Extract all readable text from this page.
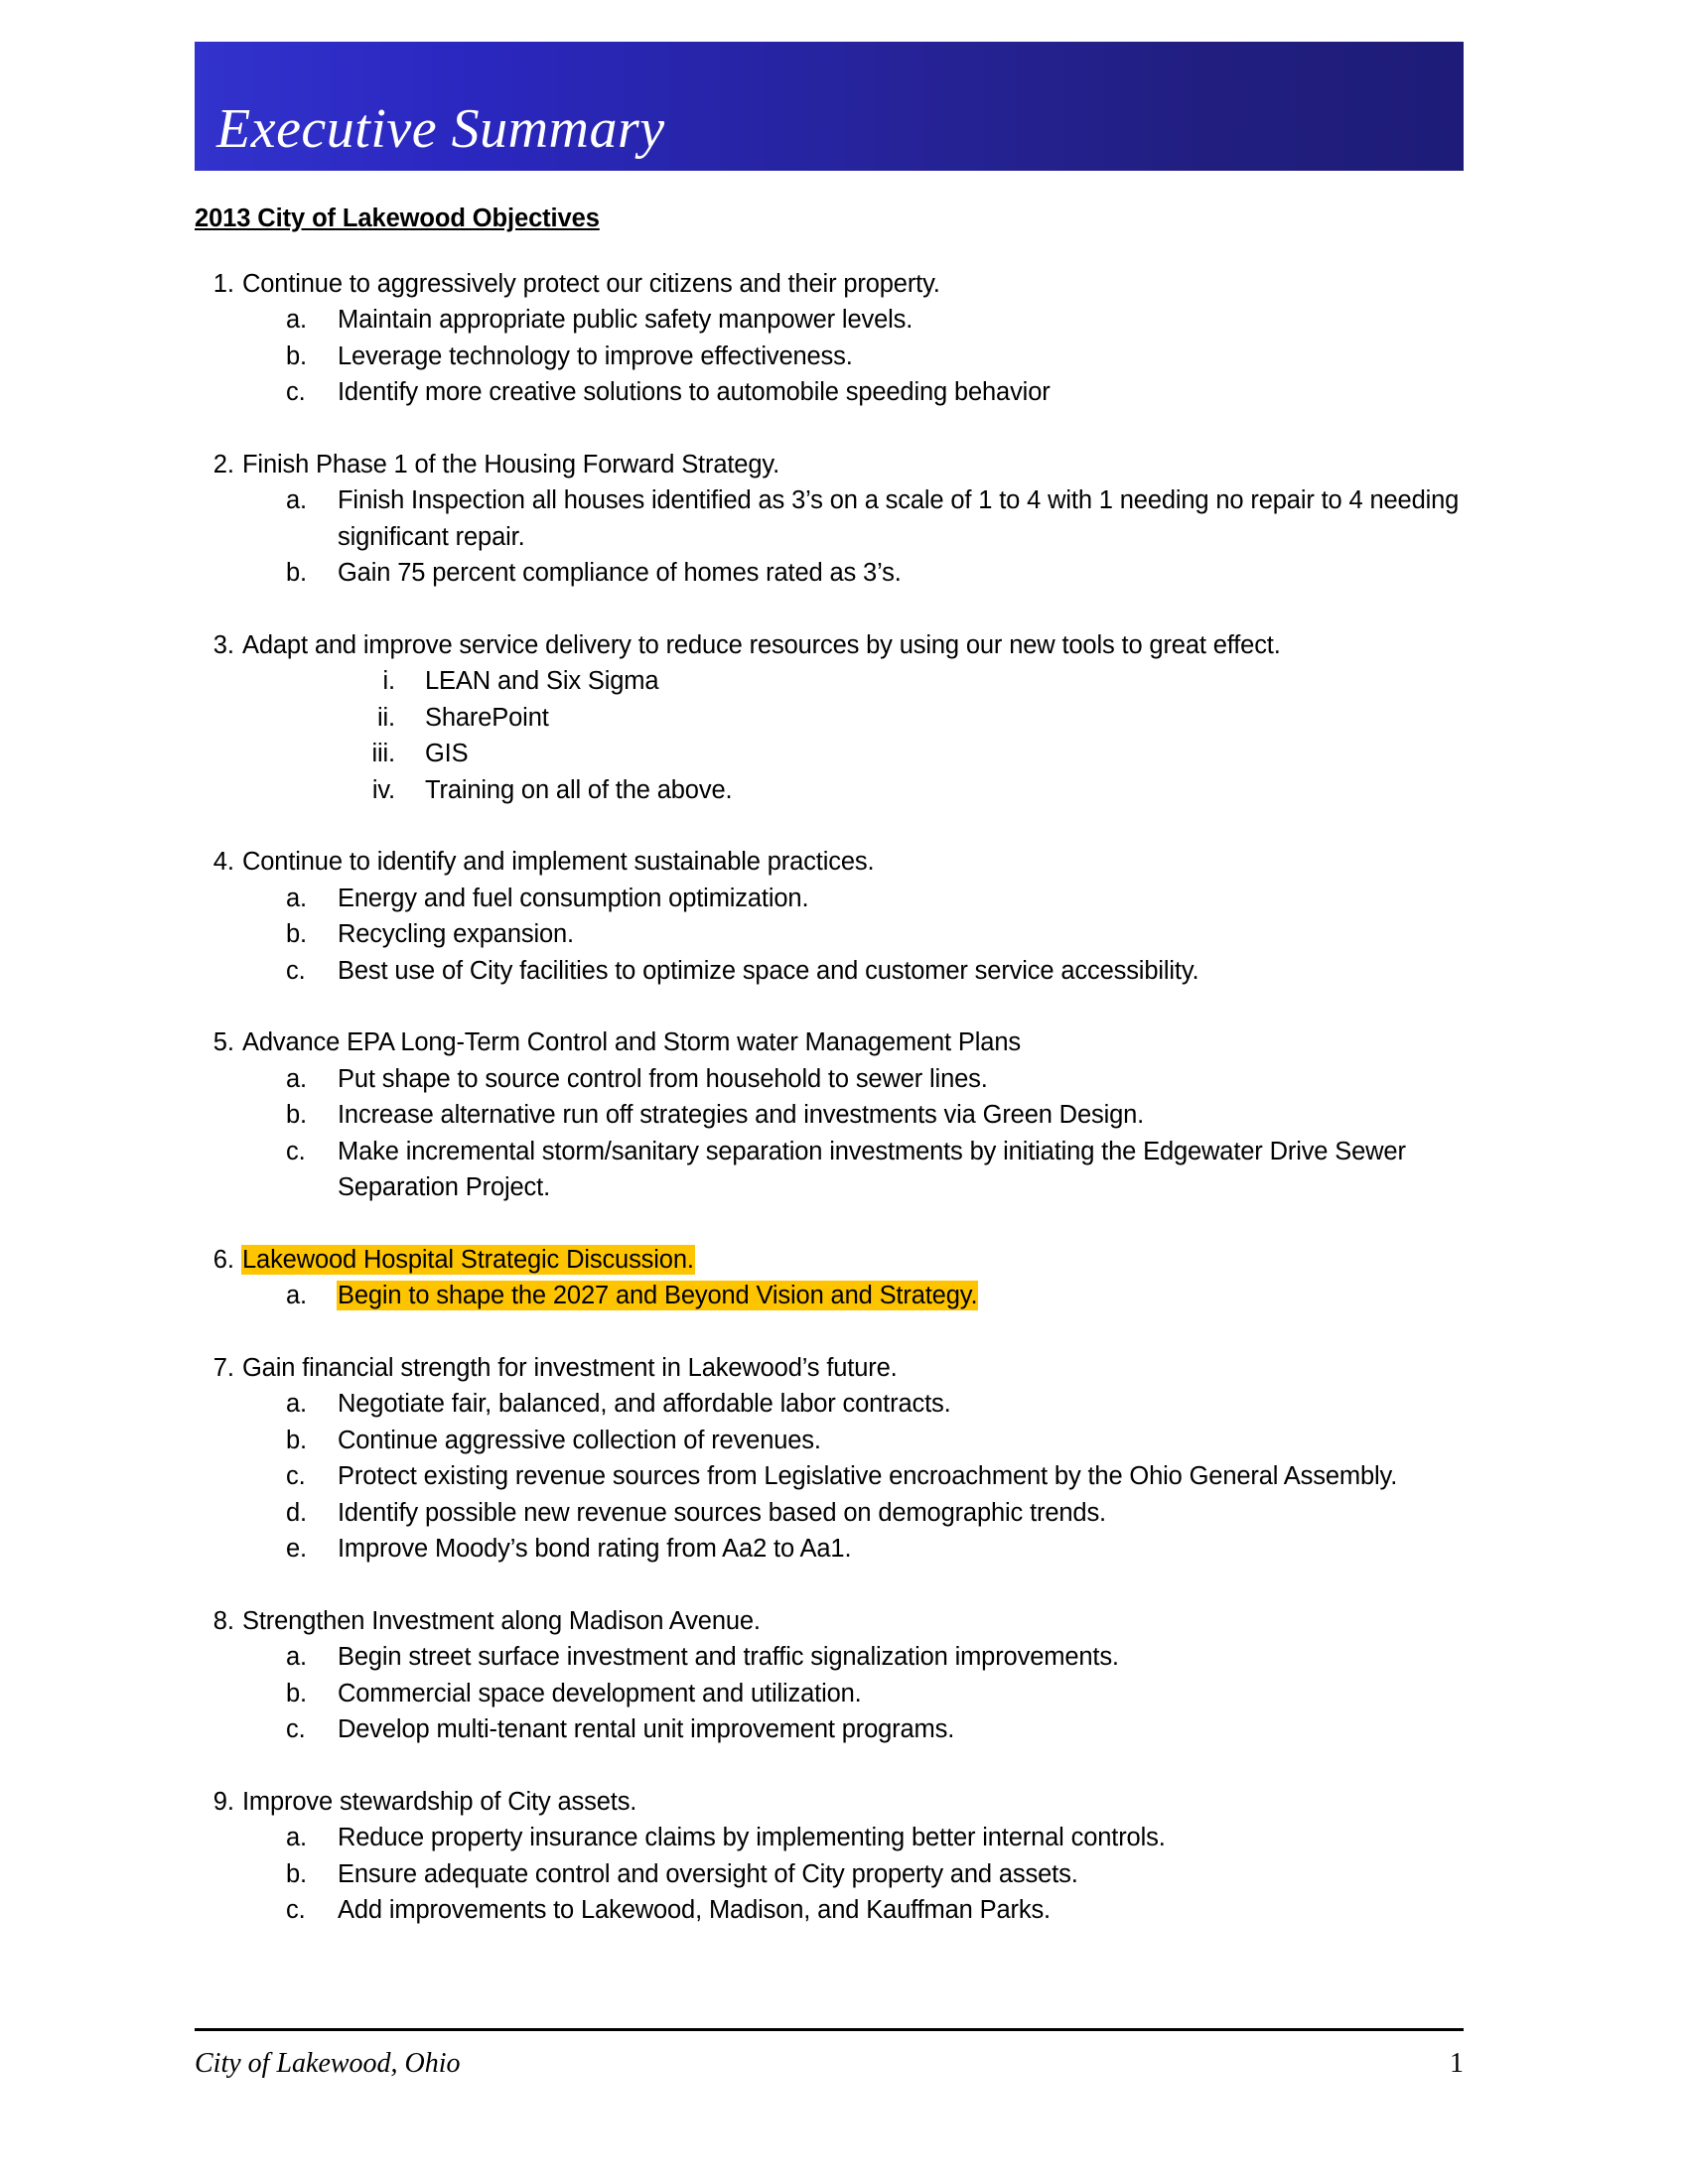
Executive Summary
2013 City of Lakewood Objectives
1. Continue to aggressively protect our citizens and their property.
a.	Maintain appropriate public safety manpower levels.
b.	Leverage technology to improve effectiveness.
c.	Identify more creative solutions to automobile speeding behavior
2. Finish Phase 1 of the Housing Forward Strategy.
a.	Finish Inspection all houses identified as 3’s on a scale of 1 to 4 with 1 needing no repair to 4 needing significant repair.
b.	Gain 75 percent compliance of homes rated as 3’s.
3. Adapt and improve service delivery to reduce resources by using our new tools to great effect.
i. LEAN and Six Sigma
ii. SharePoint
iii. GIS
iv. Training on all of the above.
4. Continue to identify and implement sustainable practices.
a.	Energy and fuel consumption optimization.
b.	Recycling expansion.
c.	Best use of City facilities to optimize space and customer service accessibility.
5. Advance EPA Long-Term Control and Storm water Management Plans
a.	Put shape to source control from household to sewer lines.
b.	Increase alternative run off strategies and investments via Green Design.
c.	Make incremental storm/sanitary separation investments by initiating the Edgewater Drive Sewer Separation Project.
6. Lakewood Hospital Strategic Discussion.
a.	Begin to shape the 2027 and Beyond Vision and Strategy.
7. Gain financial strength for investment in Lakewood’s future.
a.	Negotiate fair, balanced, and affordable labor contracts.
b.	Continue aggressive collection of revenues.
c.	Protect existing revenue sources from Legislative encroachment by the Ohio General Assembly.
d.	Identify possible new revenue sources based on demographic trends.
e.	Improve Moody’s bond rating from Aa2 to Aa1.
8. Strengthen Investment along Madison Avenue.
a.	Begin street surface investment and traffic signalization improvements.
b.	Commercial space development and utilization.
c.	Develop multi-tenant rental unit improvement programs.
9. Improve stewardship of City assets.
a.	Reduce property insurance claims by implementing better internal controls.
b.	Ensure adequate control and oversight of City property and assets.
c.	Add improvements to Lakewood, Madison, and Kauffman Parks.
City of Lakewood, Ohio	1
